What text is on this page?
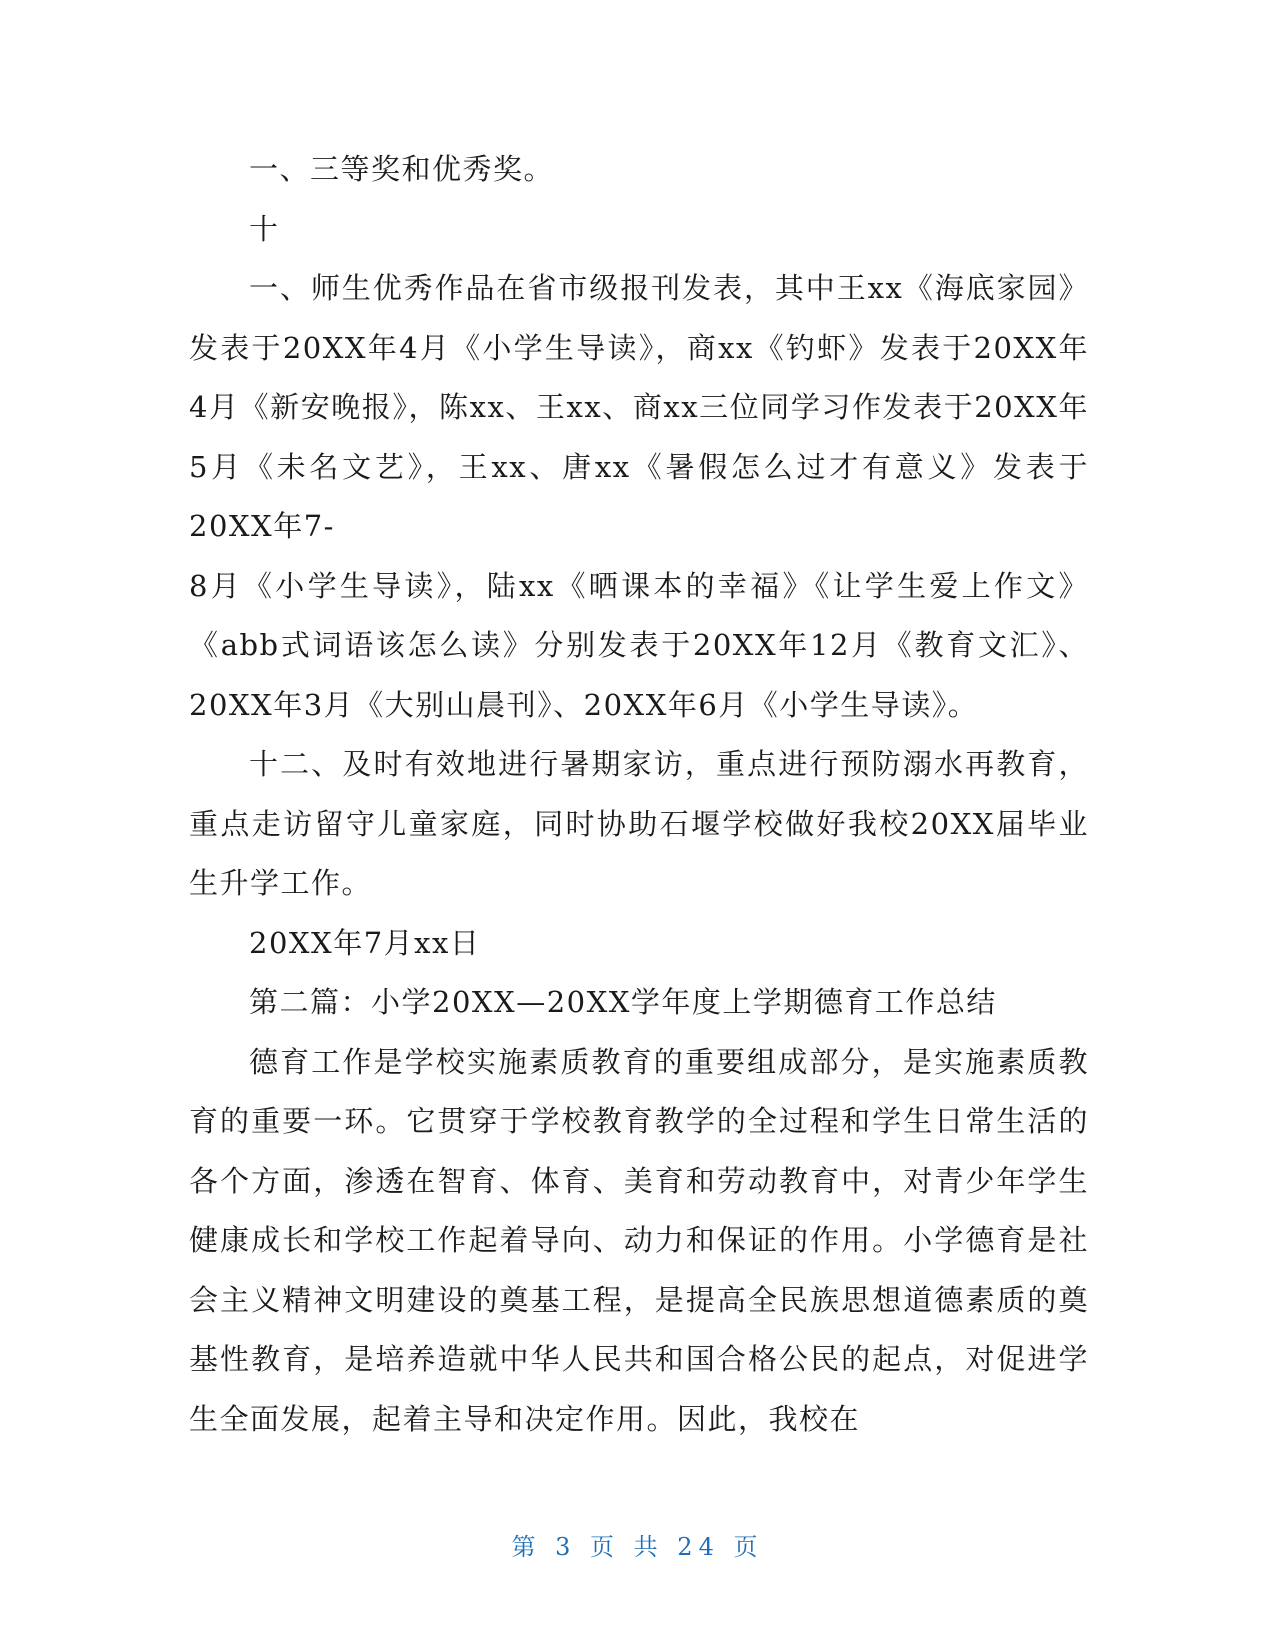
一、三等奖和优秀奖。

十

一、师生优秀作品在省市级报刊发表，其中王xx《海底家园》发表于20XX年4月《小学生导读》，商xx《钓虾》发表于20XX年4月《新安晚报》，陈xx、王xx、商xx三位同学习作发表于20XX年5月《未名文艺》，王xx、唐xx《暑假怎么过才有意义》发表于20XX年7-

8月《小学生导读》，陆xx《晒课本的幸福》《让学生爱上作文》《abb式词语该怎么读》分别发表于20XX年12月《教育文汇》、20XX年3月《大别山晨刊》、20XX年6月《小学生导读》。

十二、及时有效地进行暑期家访，重点进行预防溺水再教育，重点走访留守儿童家庭，同时协助石堰学校做好我校20XX届毕业生升学工作。

20XX年7月xx日

第二篇：小学20XX—20XX学年度上学期德育工作总结

德育工作是学校实施素质教育的重要组成部分，是实施素质教育的重要一环。它贯穿于学校教育教学的全过程和学生日常生活的各个方面，渗透在智育、体育、美育和劳动教育中，对青少年学生健康成长和学校工作起着导向、动力和保证的作用。小学德育是社会主义精神文明建设的奠基工程，是提高全民族思想道德素质的奠基性教育，是培养造就中华人民共和国合格公民的起点，对促进学生全面发展，起着主导和决定作用。因此，我校在

第 3 页 共 24 页
